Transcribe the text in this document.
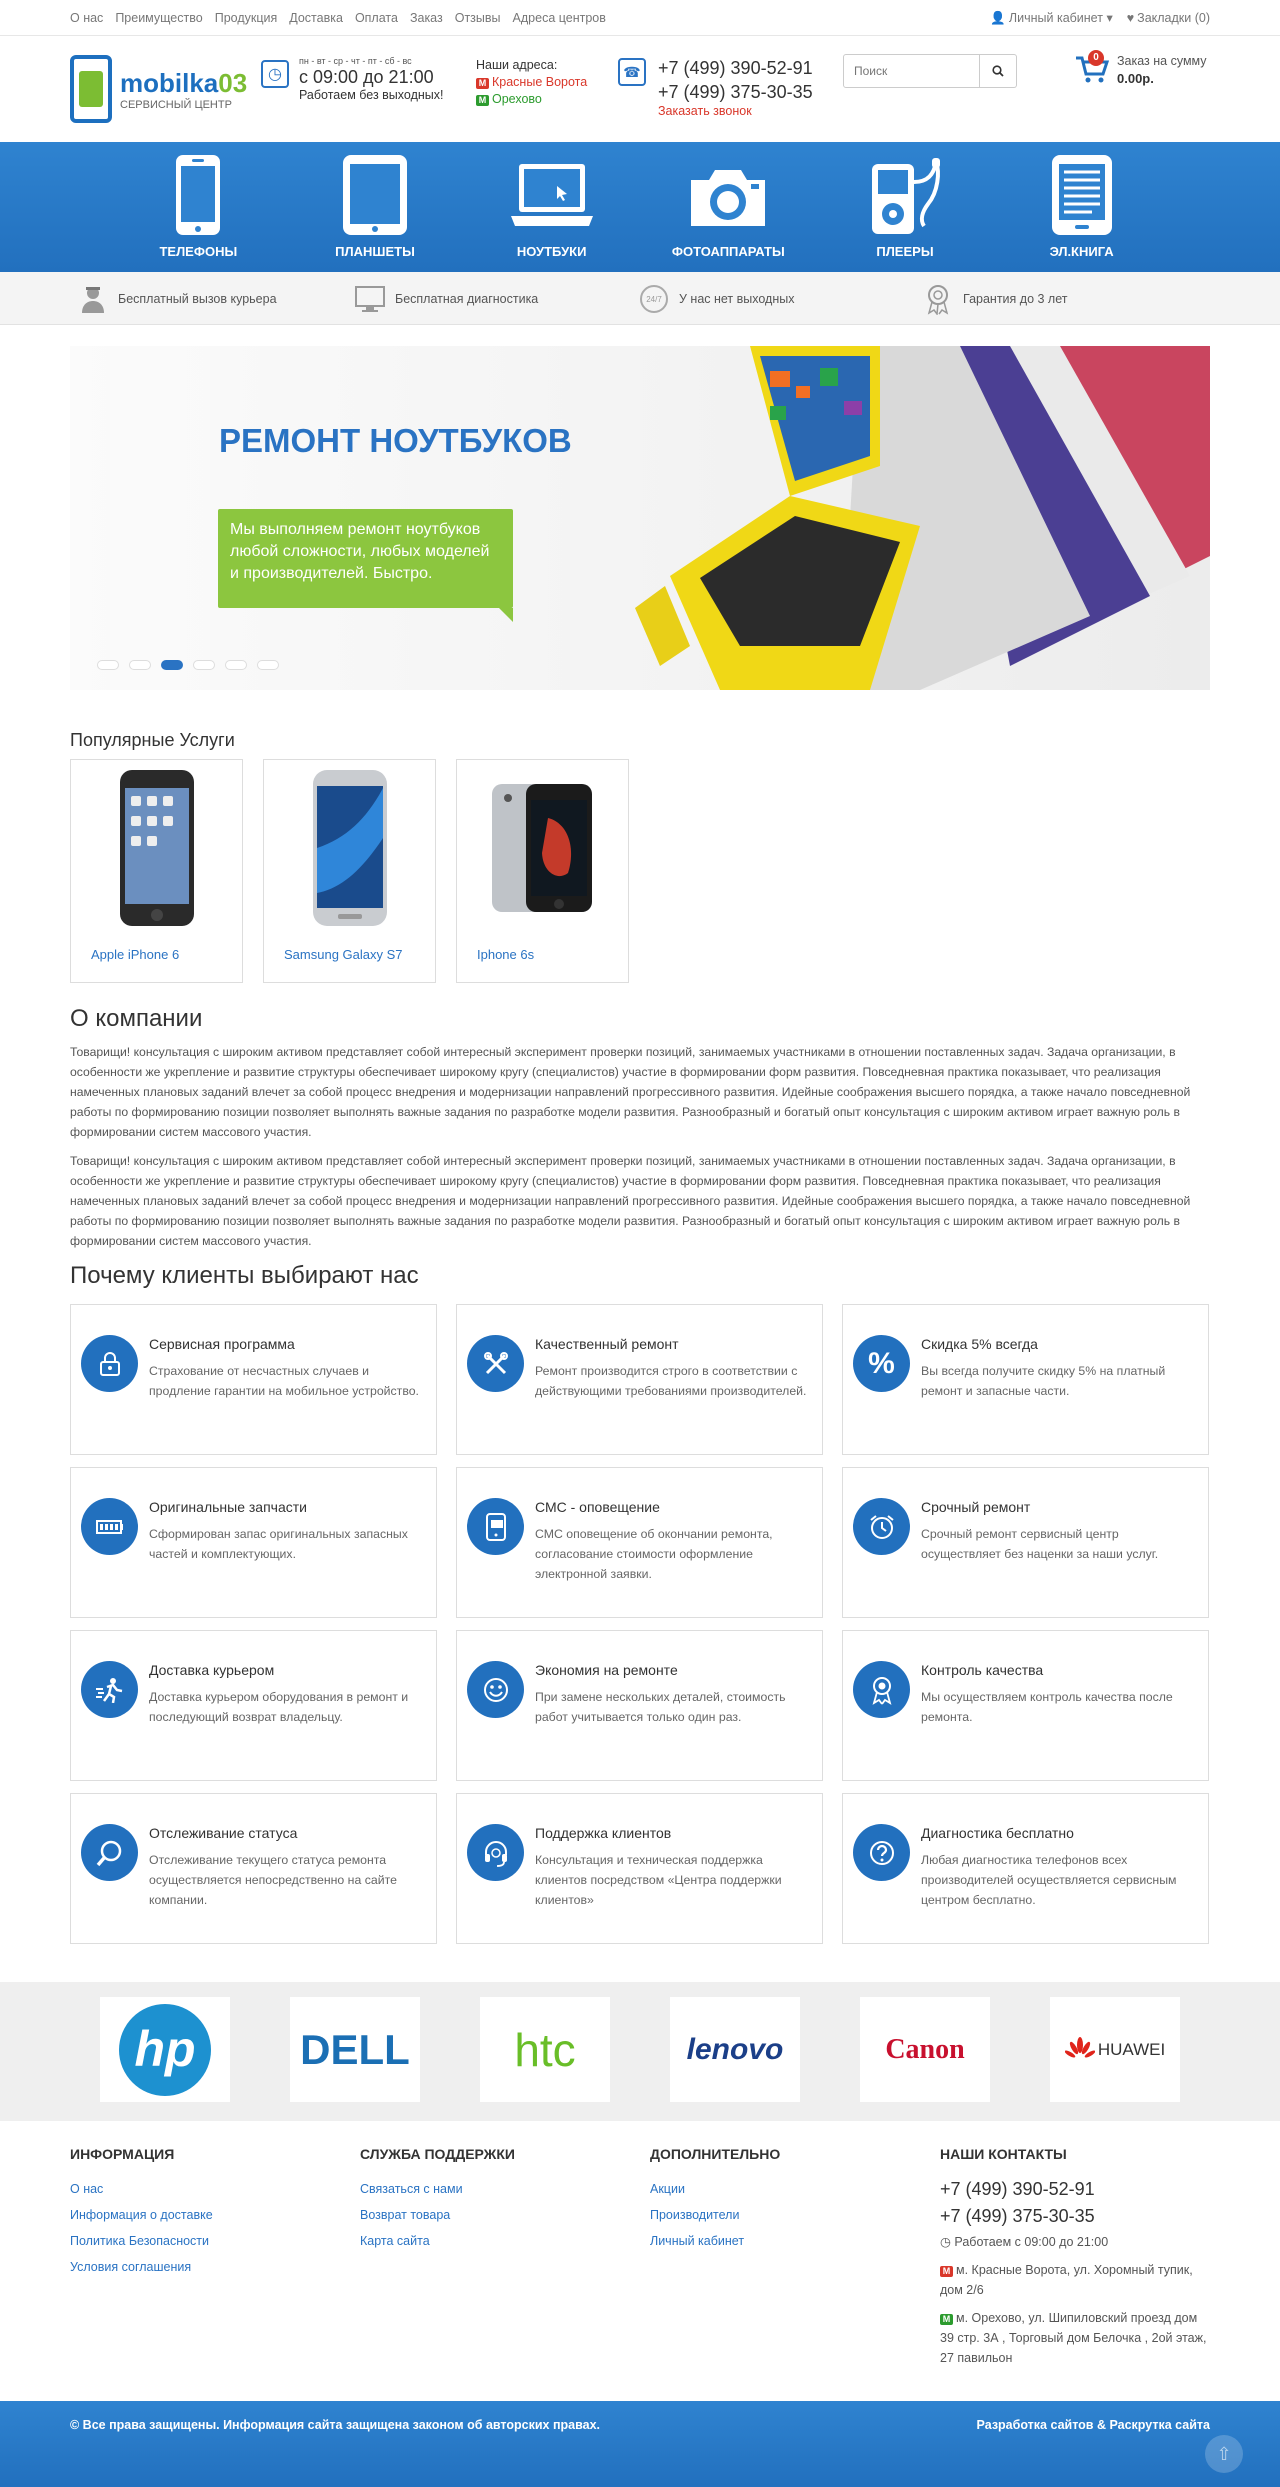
О нас Преимущество Продукция Доставка Оплата Заказ Отзывы Адреса центров	👤 Личный кабинет ▾ ♥ Закладки (0)
mobilka03
СЕРВИСНЫЙ ЦЕНТР
◷
пн - вт - ср - чт - пт - сб - вс
с 09:00 до 21:00
Работаем без выходных!
Наши адреса:
M Красные Ворота
M Орехово
☎ +7 (499) 390-52-91
+7 (499) 375-30-35
Заказать звонок
Поиск
0	Заказ на сумму
0.00р.
ТЕЛЕФОНЫ	ПЛАНШЕТЫ	НОУТБУКИ	ФОТОАППАРАТЫ	ПЛЕЕРЫ	ЭЛ.КНИГА
Бесплатный вызов курьера	Бесплатная диагностика	24/7 У нас нет выходных	Гарантия до 3 лет
РЕМОНТ НОУТБУКОВ
Мы выполняем ремонт ноутбуков любой сложности, любых моделей и производителей. Быстро.
Популярные Услуги
Apple iPhone 6	Samsung Galaxy S7	Iphone 6s
О компании

Товарищи! консультация с широким активом представляет собой интересный эксперимент проверки позиций, занимаемых участниками в отношении поставленных задач. Задача организации, в особенности же укрепление и развитие структуры обеспечивает широкому кругу (специалистов) участие в формировании форм развития. Повседневная практика показывает, что реализация намеченных плановых заданий влечет за собой процесс внедрения и модернизации направлений прогрессивного развития. Идейные соображения высшего порядка, а также начало повседневной работы по формированию позиции позволяет выполнять важные задания по разработке модели развития. Разнообразный и богатый опыт консультация с широким активом играет важную роль в формировании систем массового участия.

Товарищи! консультация с широким активом представляет собой интересный эксперимент проверки позиций, занимаемых участниками в отношении поставленных задач. Задача организации, в особенности же укрепление и развитие структуры обеспечивает широкому кругу (специалистов) участие в формировании форм развития. Повседневная практика показывает, что реализация намеченных плановых заданий влечет за собой процесс внедрения и модернизации направлений прогрессивного развития. Идейные соображения высшего порядка, а также начало повседневной работы по формированию позиции позволяет выполнять важные задания по разработке модели развития. Разнообразный и богатый опыт консультация с широким активом играет важную роль в формировании систем массового участия.

Почему клиенты выбирают нас
Сервисная программа
Страхование от несчастных случаев и продление гарантии на мобильное устройство.
Качественный ремонт
Ремонт производится строго в соответствии с действующими требованиями производителей.
%
Скидка 5% всегда
Вы всегда получите скидку 5% на платный ремонт и запасные части.
Оригинальные запчасти
Сформирован запас оригинальных запасных частей и комплектующих.
СМС - оповещение
СМС оповещение об окончании ремонта, согласование стоимости оформление электронной заявки.
Срочный ремонт
Срочный ремонт сервисный центр осуществляет без наценки за наши услуг.
Доставка курьером
Доставка курьером оборудования в ремонт и последующий возврат владельцу.
Экономия на ремонте
При замене нескольких деталей, стоимость работ учитывается только один раз.
Контроль качества
Мы осуществляем контроль качества после ремонта.
Отслеживание статуса
Отслеживание текущего статуса ремонта осуществляется непосредственно на сайте компании.
Поддержка клиентов
Консультация и техническая поддержка клиентов посредством «Центра поддержки клиентов»
Диагностика бесплатно
Любая диагностика телефонов всех производителей осуществляется сервисным центром бесплатно.
hp DELL htc	lenovo	Canon	HUAWEI
ИНФОРМАЦИЯ
О нас
Информация о доставке
Политика Безопасности
Условия соглашения
СЛУЖБА ПОДДЕРЖКИ
Связаться с нами
Возврат товара
Карта сайта
ДОПОЛНИТЕЛЬНО
Акции
Производители
Личный кабинет
НАШИ КОНТАКТЫ
+7 (499) 390-52-91
+7 (499) 375-30-35
◷ Работаем с 09:00 до 21:00
M м. Красные Ворота, ул. Хоромный тупик, дом 2/6
M м. Орехово, ул. Шипиловский проезд дом 39 стр. 3А , Торговый дом Белочка , 2ой этаж, 27 павильон
© Все права защищены. Информация сайта защищена законом об авторских правах.	Разработка сайтов & Раскрутка сайта
⇧
